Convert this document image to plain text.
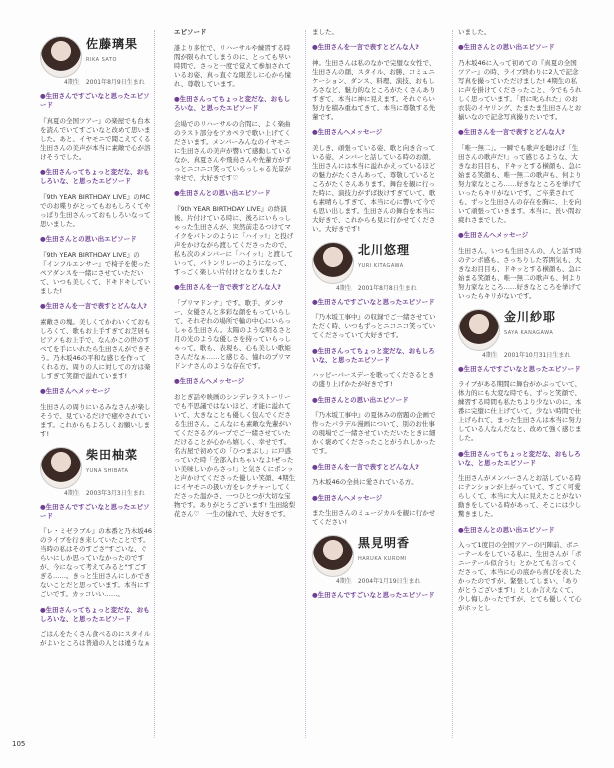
佐藤璃果
RIKA SATO
4期生 2001年8月9日生まれ
●生田さんですごいなと思ったエピソード

『真夏の全国ツアー』の楽屋でも台本を読んでいてすごいなと改めて思いました。あと、イヤモニで聞こえてくる生田さんの美声が本当に素敵で心が溶けそうでした。

●生田さんってちょっと変だな、おもしろいな、と思ったエピソード

『9th YEAR BIRTHDAY LIVE』のMCでのお喋りがとってもおもしろくてやっぱり生田さんっておもしろいなって思いました。

●生田さんとの思い出エピソード

『9th YEAR BIRTHDAY LIVE』の『インフルエンサー』で椅子を使ったペアダンスを一緒にさせていただいて、いつも美しくて、ドキドキしていました!

●生田さんを一言で表すとどんな人?

素敵さの塊。美しくてかわいくておもしろくて、歌もお上手すぎてお芝居もピアノもお上手で、なんかこの世のすべてを手にいれたら生田さんができそう。乃木坂46の平和な感じを作ってくれる方。周りの人に対しての方は楽しすぎて笑顔で溢れています!

●生田さんへメッセージ

生田さんの周りにいるみなさんが楽しそうで、見ているだけで癒やされています。これからもよろしくお願いします!

柴田柚菜
YUNA SHIBATA
4期生 2003年3月3日生まれ
●生田さんですごいなと思ったエピソード

『レ・ミゼラブル』の本番と乃木坂46のライブを行き来していたことです。当時の私はそのすごさ"すごいな、ぐらいにしか思っていなかったのですが、今になって考えてみると"すごすぎる……。きっと生田さんにしかできないことだと思っています。本当にすごいです。カッコいい……。

●生田さんってちょっと変だな、おもしろいな、と思ったエピソード

ごはんをたくさん食べるのにスタイルがよいところは普通の人とは違うなぁ

エピソード

誰より多忙で、リハーサルや練習する時間が限られてしまうのに、とっても早い時間で、さっと一度で覚えて参加されているお姿、真っ直ぐな眼差しに心から憧れ、尊敬しています。

●生田さんってちょっと変だな、おもしろいな、と思ったエピソード

会場でのリハーサルの合間に、よく楽曲のラスト部分をアカペラで歌い上げてくださいます。メンバーみんなのイヤモニに生田さんの美声が響いて感動しているなか、真夏さんや飛鳥さんや先輩方がずっとニコニコ笑っていらっしゃる光景が幸せで、大好きです♡

●生田さんとの思い出エピソード

『9th YEAR BIRTHDAY LIVE』の終演後、片付けている時に、後ろにいらっしゃった生田さんが、突然前走るつけてマイクをパトンのように「ハイッ!」と投げ声をかけながら渡してくださったので、私も次のメンバーに「ハイッ!」と渡していって、バトンリレーのようになって、すっごく楽しい片付けとなりました♪

●生田さんを一言で表すとどんな人?

「プリマドンナ」です。歌手、ダンサー、女優さんと多彩な顔をもっていらして、それぞれの場所で輪の中心にいらっしゃる生田さん。太陽のような明るさと月の光のような優しさを持っていらっしゃって、歌も、表現も、心も美しい歌姫さんだなぁ……と感じる、憧れのプリマドンナさんのような存在です。

●生田さんへメッセージ

おとぎ話や映画のシンデレラストーリーでも不思議ではないほど、才能に溢れていて、大きなことも優しく包んでくださる生田さん。こんなにも素敵な先輩がいてくださるグループでご一緒させていただけることが心から嬉しく、幸せです。名古屋で初めての「ひつまぶし」に戸惑っていた時「全部入れちゃいなよ!ぜったい美味しいからさっ!」と気さくにポンッと声かけてくださった優しい笑顔、4期生にイヤモニの扱い方をレクチャーしてくださった温かさ、一つひとつが大切な宝物です。ありがとうございます! 生田絵梨花さん♡　一生の憧れで、大好きです。

ました。

●生田さんを一言で表すとどんな人?

神。生田さんは私のなかで完璧な女性で、生田さんの顔、スタイル、お勝、コミュニケーション、ダンス、料理、演技、おもしろさなど、魅力的なところがたくさんありすぎて、本当に神に見えます。それぐらい努力を積み重ねてきて、本当に尊敬する先輩です。

●生田さんへメッセージ

美しき、頑張っている姿、歌と向き合っている姿、メンバーと話している時のお顔、生田さんには本当に溢れかえっているほどの魅力がたくさんあって、尊敬しているところがたくさんあります。舞台を観に行った時に、演技力がずば抜けすぎていて、歌も素晴らしすぎて、本当に心に響いて今でも思い出します。生田さんの舞台を本当に大好きで、これからも見に行かせてください。大好きです!

北川悠理
YURI KITAGAWA
4期生 2001年8月8日生まれ
●生田さんですごいなと思ったエピソード

『乃木坂工事中』の収録でご一緒させていただく時、いつもずっとニコニコ笑っていてくださっていて大好きです。

●生田さんってちょっと変だな、おもしろいな、と思ったエピソード

ハッピーバースデーを歌ってくださるときの盛り上げかたが好きです!

●生田さんとの思い出エピソード

『乃木坂工事中』の夏休みの宿題の企画で作ったパラデル漫画について、別のお仕事の現場でご一緒させていただいたときに細かく褒めてくださったことがうれしかったです。

●生田さんを一言で表すとどんな人?

乃木坂46の全員に愛されている方。

●生田さんへメッセージ

また生田さんのミュージカルを観に行かせてください!

黒見明香
HARUKA KUROMI
4期生 2004年1月19日生まれ
●生田さんですごいなと思ったエピソード

いました。

●生田さんとの思い出エピソード

乃木坂46に入って初めての『真夏の全国ツアー』の時、ライブ終わりに2人で記念写真を撮っていただけました! 4期生の私に声を掛けてくださったこと、今でもうれしく思っています。「君に叱られた」のお衣装のイヤリング、たまたま生田さんとお揃いなので記念写真撮りたいです。

●生田さんを一言で表すとどんな人?

「唯一無二」。一瞬でも歌声を聴けば「生田さんの歌声だ!」って感じるような、大きなお目目も、ドキッとする横顔も、急に始まる笑顔も、唯一無二の歌声も、何より努力家なところ……好きなところを挙げていったらキリがないです。ご卒業されても、ずっと生田さんの存在を胸に、上を向いて頑張っていきます。本当に、長い間お疲れさまでした。

●生田さんへメッセージ

生田さん、いつも生田さんの、人と話す時のテンポ感も、さっちりした雰囲気も、大きなお目目も、ドキッとする横顔も、急に始まる笑顔も、唯一無二の歌声も、何より努力家なところ……好きなところを挙げていったらキリがないです。

金川紗耶
SAYA KANAGAWA
4期生 2001年10月31日生まれ
●生田さんですごいなと思ったエピソード

ライブがある期間に舞台がかぶっていて、体力的にも大変な時でも、ずっと笑顔で、練習する時間も私たちより少ないのに、本番に完璧に仕上げていて、少ない時間で仕上げられて、まった生田さんは本当に努力している人なんだなと、改めて強く感じました。

●生田さんってちょっと変だな、おもしろいな、と思ったエピソード

生田さんがメンバーさんとお話している時にテンションが上がっていて、すごく可愛らしくて、本当に大人に見えたことがない動きをしている時があって、そこには少し驚きました。

●生田さんとの思い出エピソード

入って1度目の全国ツアーの円陣前、ボニーテールをしている私に、生田さんが「ポニーテール似合う!」とかとても言ってくださって、本当に心の底から喜びを表したかったのですが、緊張してしまい、「ありがとうございます!」としか言えなくて、少し悔しかったですが、とても優しくて心がホッとし

105
